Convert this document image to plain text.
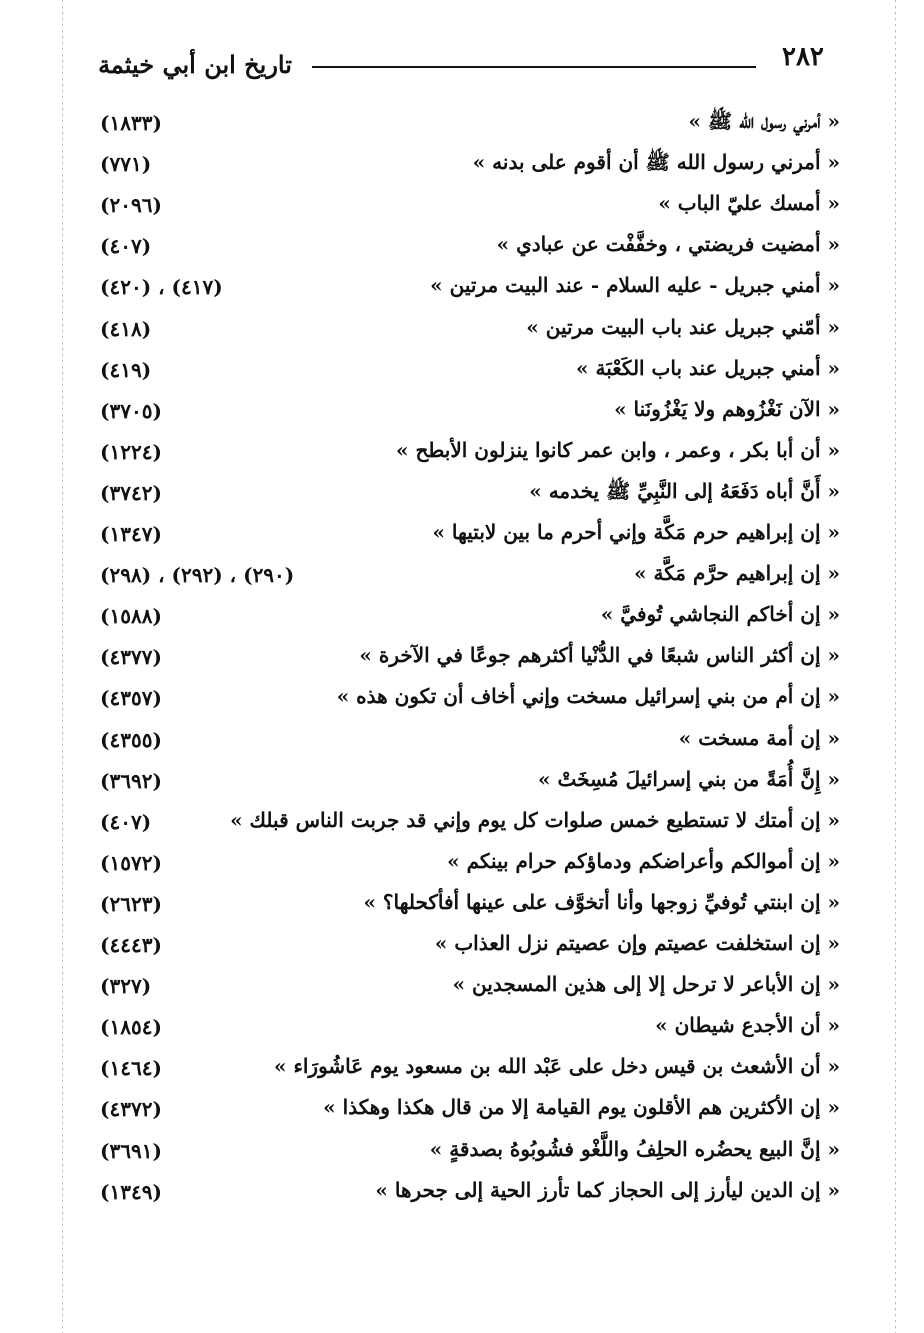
٢٨٢
تاريخ ابن أبي خيثمة
« أمرني رسول الله ﷺ »
(١٨٣٣)
« أمرني رسول الله ﷺ أن أقوم على بدنه »
(٧٧١)
« أمسك عليّ الباب »
(٢٠٩٦)
« أمضيت فريضتي ، وخفَّفْت عن عبادي »
(٤٠٧)
« أمني جبريل - عليه السلام - عند البيت مرتين »
(٤١٧) ، (٤٢٠)
« أمّني جبريل عند باب البيت مرتين »
(٤١٨)
« أمني جبريل عند باب الكَعْبَة »
(٤١٩)
« الآن نَغْزُوهم ولا يَغْزُونَنا »
(٣٧٠٥)
« أن أبا بكر ، وعمر ، وابن عمر كانوا ينزلون الأبطح »
(١٢٢٤)
« أَنَّ أباه دَفَعَهُ إلى النَّبِيِّ ﷺ يخدمه »
(٣٧٤٢)
« إن إبراهيم حرم مَكَّة وإني أحرم ما بين لابتيها »
(١٣٤٧)
« إن إبراهيم حرَّم مَكَّة »
(٢٩٠) ، (٢٩٢) ، (٢٩٨)
« إن أخاكم النجاشي تُوفيَّ »
(١٥٨٨)
« إن أكثر الناس شبعًا في الدُّنْيا أكثرهم جوعًا في الآخرة »
(٤٣٧٧)
« إن أم من بني إسرائيل مسخت وإني أخاف أن تكون هذه »
(٤٣٥٧)
« إن أمة مسخت »
(٤٣٥٥)
« إِنَّ أُمَةً من بني إسرائيلَ مُسِخَتْ »
(٣٦٩٢)
« إن أمتك لا تستطيع خمس صلوات كل يوم وإني قد جربت الناس قبلك »
(٤٠٧)
« إن أموالكم وأعراضكم ودماؤكم حرام بينكم »
(١٥٧٢)
« إن ابنتي تُوفيِّ زوجها وأنا أتخوَّف على عينها أفأكحلها؟ »
(٢٦٢٣)
« إن استخلفت عصيتم وإن عصيتم نزل العذاب »
(٤٤٤٣)
« إن الأباعر لا ترحل إلا إلى هذين المسجدين »
(٣٢٧)
« أن الأجدع شيطان »
(١٨٥٤)
« أن الأشعث بن قيس دخل على عَبْد الله بن مسعود يوم عَاشُورَاء »
(١٤٦٤)
« إن الأكثرين هم الأقلون يوم القيامة إلا من قال هكذا وهكذا »
(٤٣٧٢)
« إنَّ البيع يحضُره الحلِفُ واللَّغْو فشُوبُوهُ بصدقةٍ »
(٣٦٩١)
« إن الدين ليأرز إلى الحجاز كما تأرز الحية إلى جحرها »
(١٣٤٩)
